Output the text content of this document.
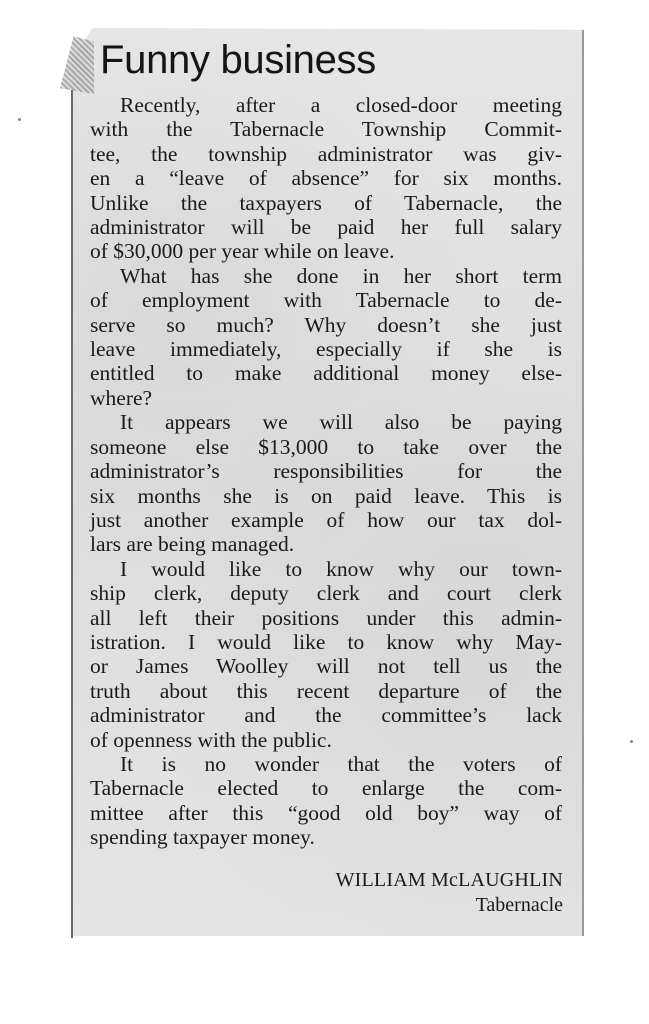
Funny business
Recently, after a closed-door meeting
with the Tabernacle Township Commit-
tee, the township administrator was giv-
en a “leave of absence” for six months.
Unlike the taxpayers of Tabernacle, the
administrator will be paid her full salary
of $30,000 per year while on leave.
What has she done in her short term
of employment with Tabernacle to de-
serve so much? Why doesn’t she just
leave immediately, especially if she is
entitled to make additional money else-
where?
It appears we will also be paying
someone else $13,000 to take over the
administrator’s responsibilities for the
six months she is on paid leave. This is
just another example of how our tax dol-
lars are being managed.
I would like to know why our town-
ship clerk, deputy clerk and court clerk
all left their positions under this admin-
istration. I would like to know why May-
or James Woolley will not tell us the
truth about this recent departure of the
administrator and the committee’s lack
of openness with the public.
It is no wonder that the voters of
Tabernacle elected to enlarge the com-
mittee after this “good old boy” way of
spending taxpayer money.
WILLIAM McLAUGHLIN
Tabernacle
